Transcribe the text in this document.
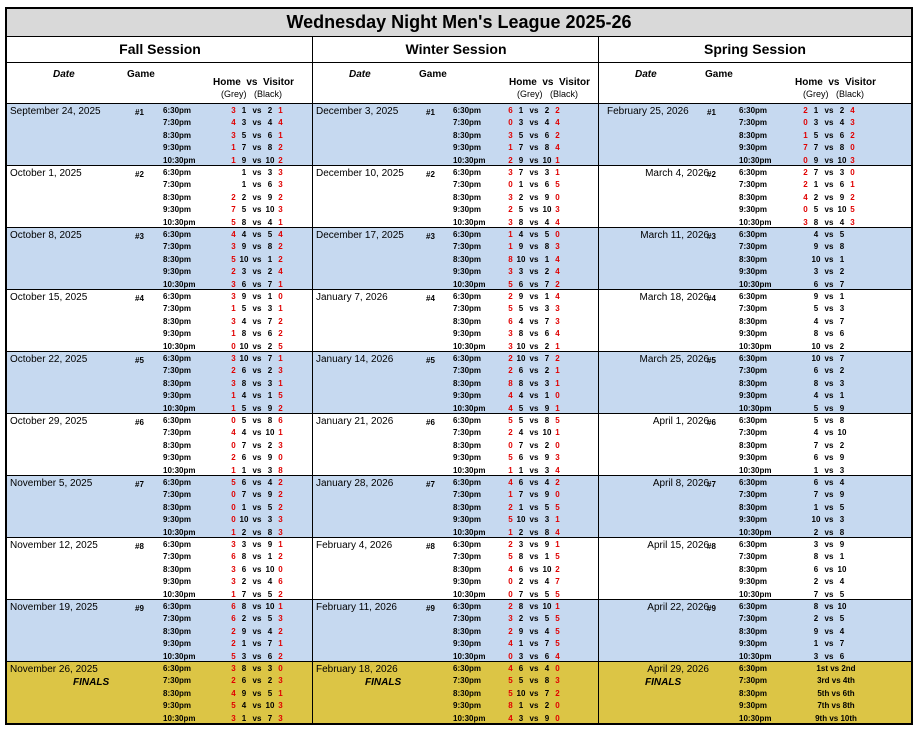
Wednesday Night Men's League 2025-26
Fall Session
Date	Game
Home  vs  Visitor
(Grey)   (Black)
September 24, 2025	#1 6:30pm	3 1 vs 2 1
7:30pm	4 3 vs 4 4
8:30pm	3 5 vs 6 1
9:30pm	1 7 vs 8 2
10:30pm	1 9 vs 10 2
October 1, 2025	#2 6:30pm	1 vs 3 3
7:30pm	1 vs 6 3
8:30pm	2 2 vs 9 2
9:30pm	7 5 vs 10 3
10:30pm	5 8 vs 4 1
October 8, 2025	#3 6:30pm	4 4 vs 5 4
7:30pm	3 9 vs 8 2
8:30pm	5 10 vs 1 2
9:30pm	2 3 vs 2 4
10:30pm	3 6 vs 7 1
October 15, 2025	#4 6:30pm	3 9 vs 1 0
7:30pm	1 5 vs 3 1
8:30pm	3 4 vs 7 2
9:30pm	1 8 vs 6 2
10:30pm	0 10 vs 2 5
October 22, 2025	#5 6:30pm	3 10 vs 7 1
7:30pm	2 6 vs 2 3
8:30pm	3 8 vs 3 1
9:30pm	1 4 vs 1 5
10:30pm	1 5 vs 9 2
October 29, 2025	#6 6:30pm	0 5 vs 8 6
7:30pm	4 4 vs 10 1
8:30pm	0 7 vs 2 3
9:30pm	2 6 vs 9 0
10:30pm	1 1 vs 3 8
November 5, 2025	#7 6:30pm	5 6 vs 4 2
7:30pm	0 7 vs 9 2
8:30pm	0 1 vs 5 2
9:30pm	0 10 vs 3 3
10:30pm	1 2 vs 8 3
November 12, 2025	#8 6:30pm	3 3 vs 9 1
7:30pm	6 8 vs 1 2
8:30pm	3 6 vs 10 0
9:30pm	3 2 vs 4 6
10:30pm	1 7 vs 5 2
November 19, 2025	#9 6:30pm	6 8 vs 10 1
7:30pm	6 2 vs 5 3
8:30pm	2 9 vs 4 2
9:30pm	2 1 vs 7 1
10:30pm	5 3 vs 6 2
November 26, 2025
FINALS
6:30pm	3 8 vs 3 0
7:30pm	2 6 vs 2 3
8:30pm	4 9 vs 5 1
9:30pm	5 4 vs 10 3
10:30pm	3 1 vs 7 3
Winter Session
Date	Game
Home  vs  Visitor
(Grey)   (Black)
December 3, 2025	#1 6:30pm	6 1 vs 2 2
7:30pm	0 3 vs 4 4
8:30pm	3 5 vs 6 2
9:30pm	1 7 vs 8 4
10:30pm	2 9 vs 10 1
December 10, 2025	#2 6:30pm	3 7 vs 3 1
7:30pm	0 1 vs 6 5
8:30pm	3 2 vs 9 0
9:30pm	2 5 vs 10 3
10:30pm	3 8 vs 4 4
December 17, 2025	#3 6:30pm	1 4 vs 5 0
7:30pm	1 9 vs 8 3
8:30pm	8 10 vs 1 4
9:30pm	3 3 vs 2 4
10:30pm	5 6 vs 7 2
January 7, 2026	#4 6:30pm	2 9 vs 1 4
7:30pm	5 5 vs 3 3
8:30pm	6 4 vs 7 3
9:30pm	3 8 vs 6 4
10:30pm	3 10 vs 2 1
January 14, 2026	#5 6:30pm	2 10 vs 7 2
7:30pm	2 6 vs 2 1
8:30pm	8 8 vs 3 1
9:30pm	4 4 vs 1 0
10:30pm	4 5 vs 9 1
January 21, 2026	#6 6:30pm	5 5 vs 8 5
7:30pm	2 4 vs 10 1
8:30pm	0 7 vs 2 0
9:30pm	5 6 vs 9 3
10:30pm	1 1 vs 3 4
January 28, 2026	#7 6:30pm	4 6 vs 4 2
7:30pm	1 7 vs 9 0
8:30pm	2 1 vs 5 5
9:30pm	5 10 vs 3 1
10:30pm	1 2 vs 8 4
February 4, 2026	#8 6:30pm	2 3 vs 9 1
7:30pm	5 8 vs 1 5
8:30pm	4 6 vs 10 2
9:30pm	0 2 vs 4 7
10:30pm	0 7 vs 5 5
February 11, 2026	#9 6:30pm	2 8 vs 10 1
7:30pm	3 2 vs 5 5
8:30pm	2 9 vs 4 5
9:30pm	4 1 vs 7 5
10:30pm	0 3 vs 6 4
February 18, 2026
FINALS
6:30pm	4 6 vs 4 0
7:30pm	5 5 vs 8 3
8:30pm	5 10 vs 7 2
9:30pm	8 1 vs 2 0
10:30pm	4 3 vs 9 0
Spring Session
Date	Game
Home  vs  Visitor
(Grey)   (Black)
February 25, 2026 #1	6:30pm	2 1 vs 2 4
7:30pm	0 3 vs 4 3
8:30pm	1 5 vs 6 2
9:30pm	7 7 vs 8 0
10:30pm	0 9 vs 10 3
March 4, 2026
#2	6:30pm	2 7 vs 3 0
7:30pm	2 1 vs 6 1
8:30pm	4 2 vs 9 2
9:30pm	0 5 vs 10 5
10:30pm	3 8 vs 4 3
March 11, 2026
#3	6:30pm	4 vs 5
7:30pm	9 vs 8
8:30pm	10 vs 1
9:30pm	3 vs 2
10:30pm	6 vs 7
March 18, 2026
#4	6:30pm	9 vs 1
7:30pm	5 vs 3
8:30pm	4 vs 7
9:30pm	8 vs 6
10:30pm	10 vs 2
March 25, 2026
#5	6:30pm	10 vs 7
7:30pm	6 vs 2
8:30pm	8 vs 3
9:30pm	4 vs 1
10:30pm	5 vs 9
April 1, 2026
#6	6:30pm	5 vs 8
7:30pm	4 vs 10
8:30pm	7 vs 2
9:30pm	6 vs 9
10:30pm	1 vs 3
April 8, 2026
#7	6:30pm	6 vs 4
7:30pm	7 vs 9
8:30pm	1 vs 5
9:30pm	10 vs 3
10:30pm	2 vs 8
April 15, 2026
#8	6:30pm	3 vs 9
7:30pm	8 vs 1
8:30pm	6 vs 10
9:30pm	2 vs 4
10:30pm	7 vs 5
April 22, 2026
#9	6:30pm	8 vs 10
7:30pm	2 vs 5
8:30pm	9 vs 4
9:30pm	1 vs 7
10:30pm	3 vs 6
April 29, 2026
FINALS
6:30pm	1st vs 2nd
7:30pm	3rd vs 4th
8:30pm	5th vs 6th
9:30pm	7th vs 8th
10:30pm	9th vs 10th
